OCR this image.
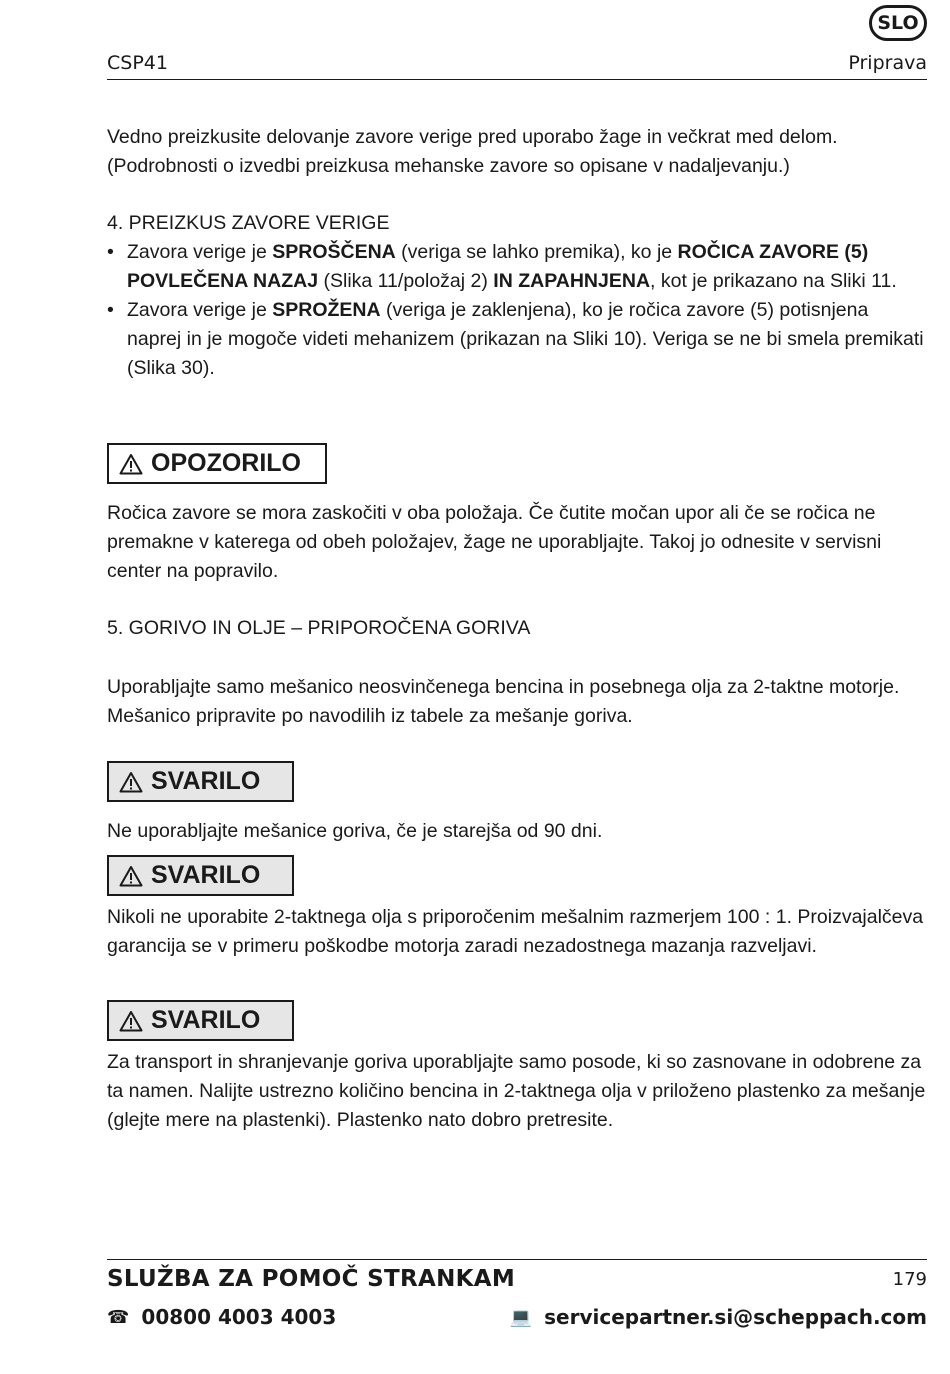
SLO
CSP41	Priprava
Vedno preizkusite delovanje zavore verige pred uporabo žage in večkrat med delom.
(Podrobnosti o izvedbi preizkusa mehanske zavore so opisane v nadaljevanju.)
4. PREIZKUS ZAVORE VERIGE
• Zavora verige je SPROŠČENA (veriga se lahko premika), ko je ROČICA ZAVORE (5) POVLEČENA NAZAJ (Slika 11/položaj 2) IN ZAPAHNJENA, kot je prikazano na Sliki 11.
• Zavora verige je SPROŽENA (veriga je zaklenjena), ko je ročica zavore (5) potisnjena naprej in je mogoče videti mehanizem (prikazan na Sliki 10). Veriga se ne bi smela premikati (Slika 30).
OPOZORILO

Ročica zavore se mora zaskočiti v oba položaja. Če čutite močan upor ali če se ročica ne premakne v katerega od obeh položajev, žage ne uporabljajte. Takoj jo odnesite v servisni center na popravilo.

5. GORIVO IN OLJE – PRIPOROČENA GORIVA

Uporabljajte samo mešanico neosvinčenega bencina in posebnega olja za 2-taktne motorje. Mešanico pripravite po navodilih iz tabele za mešanje goriva.

SVARILO

Ne uporabljajte mešanice goriva, če je starejša od 90 dni.

SVARILO

Nikoli ne uporabite 2-taktnega olja s priporočenim mešalnim razmerjem 100 : 1. Proizvajalčeva garancija se v primeru poškodbe motorja zaradi nezadostnega mazanja razveljavi.

SVARILO

Za transport in shranjevanje goriva uporabljajte samo posode, ki so zasnovane in odobrene za ta namen. Nalijte ustrezno količino bencina in 2-taktnega olja v priloženo plastenko za mešanje (glejte mere na plastenki). Plastenko nato dobro pretresite.

SLUŽBA ZA POMOČ STRANKAM	179
☎ 00800 4003 4003	💻 servicepartner.si@scheppach.com
